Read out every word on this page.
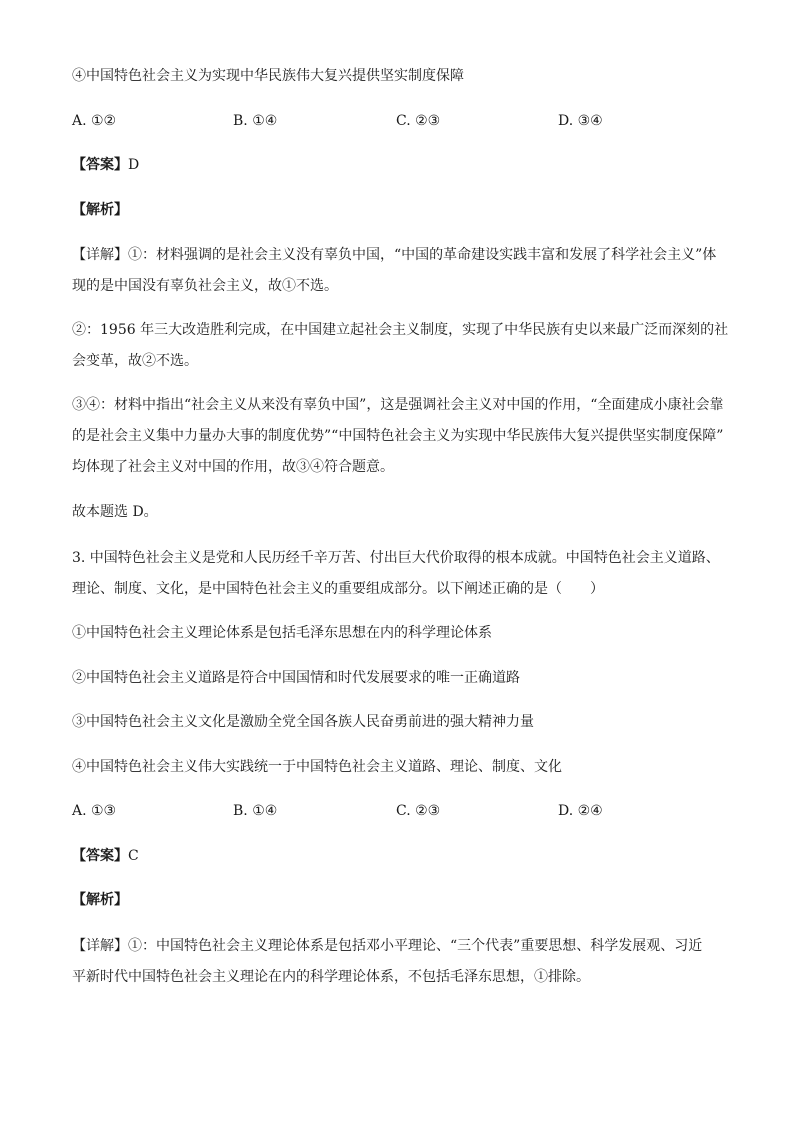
④中国特色社会主义为实现中华民族伟大复兴提供坚实制度保障
A. ①②	B. ①④	C. ②③	D. ③④
【答案】D
【解析】
【详解】①：材料强调的是社会主义没有辜负中国，“中国的革命建设实践丰富和发展了科学社会主义”体
现的是中国没有辜负社会主义，故①不选。
②：1956 年三大改造胜利完成，在中国建立起社会主义制度，实现了中华民族有史以来最广泛而深刻的社
会变革，故②不选。
③④：材料中指出“社会主义从来没有辜负中国”，这是强调社会主义对中国的作用，“全面建成小康社会靠
的是社会主义集中力量办大事的制度优势”“中国特色社会主义为实现中华民族伟大复兴提供坚实制度保障”
均体现了社会主义对中国的作用，故③④符合题意。
故本题选 D。
3. 中国特色社会主义是党和人民历经千辛万苦、付出巨大代价取得的根本成就。中国特色社会主义道路、
理论、制度、文化，是中国特色社会主义的重要组成部分。以下阐述正确的是（　　）
①中国特色社会主义理论体系是包括毛泽东思想在内的科学理论体系
②中国特色社会主义道路是符合中国国情和时代发展要求的唯一正确道路
③中国特色社会主义文化是激励全党全国各族人民奋勇前进的强大精神力量
④中国特色社会主义伟大实践统一于中国特色社会主义道路、理论、制度、文化
A. ①③	B. ①④	C. ②③	D. ②④
【答案】C
【解析】
【详解】①：中国特色社会主义理论体系是包括邓小平理论、“三个代表”重要思想、科学发展观、习近
平新时代中国特色社会主义理论在内的科学理论体系，不包括毛泽东思想，①排除。
